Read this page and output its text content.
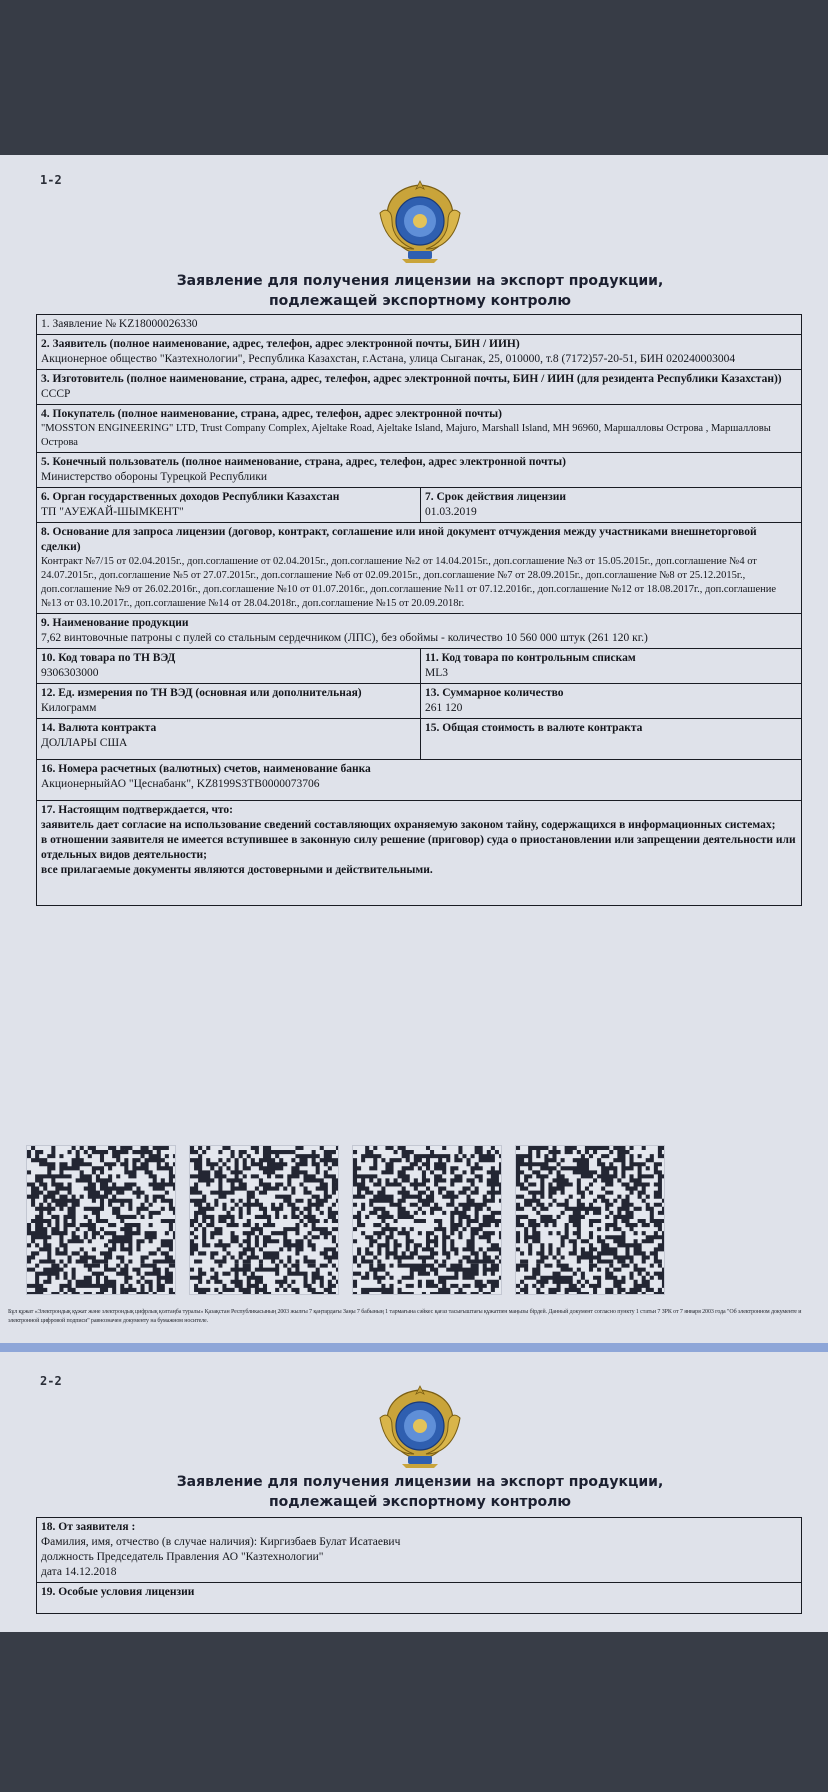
1-2
Заявление для получения лицензии на экспорт продукции,
подлежащей экспортному контролю
1. Заявление № KZ18000026330
2. Заявитель (полное наименование, адрес, телефон, адрес электронной почты, БИН / ИИН)
Акционерное общество "Казтехнологии", Республика Казахстан, г.Астана, улица Сыганак, 25, 010000, т.8 (7172)57-20-51, БИН 020240003004
3. Изготовитель (полное наименование, страна, адрес, телефон, адрес электронной почты, БИН / ИИН (для резидента Республики Казахстан))
СССР
4. Покупатель (полное наименование, страна, адрес, телефон, адрес электронной почты)
"MOSSTON ENGINEERING" LTD, Trust Company Complex, Ajeltake Road, Ajeltake Island, Majuro, Marshall Island, MH 96960, Маршалловы Острова , Маршалловы Острова
5. Конечный пользователь (полное наименование, страна, адрес, телефон, адрес электронной почты)
Министерство обороны Турецкой Республики
6. Орган государственных доходов Республики Казахстан
ТП "АУЕЖАЙ-ШЫМКЕНТ"
7. Срок действия лицензии
01.03.2019
8. Основание для запроса лицензии (договор, контракт, соглашение или иной документ отчуждения между участниками внешнеторговой сделки)
Контракт №7/15 от 02.04.2015г., доп.соглашение от 02.04.2015г., доп.соглашение №2 от 14.04.2015г., доп.соглашение №3 от 15.05.2015г., доп.соглашение №4 от 24.07.2015г., доп.соглашение №5 от 27.07.2015г., доп.соглашение №6 от 02.09.2015г., доп.соглашение №7 от 28.09.2015г., доп.соглашение №8 от 25.12.2015г., доп.соглашение №9 от 26.02.2016г., доп.соглашение №10 от 01.07.2016г., доп.соглашение №11 от 07.12.2016г., доп.соглашение №12 от 18.08.2017г., доп.соглашение №13 от 03.10.2017г., доп.соглашение №14 от 28.04.2018г., доп.соглашение №15 от 20.09.2018г.
9. Наименование продукции
7,62 винтовочные патроны с пулей со стальным сердечником (ЛПС), без обоймы - количество 10 560 000 штук (261 120 кг.)
10. Код товара по ТН ВЭД
9306303000
11. Код товара по контрольным спискам
ML3
12. Ед. измерения по ТН ВЭД (основная или дополнительная)
Килограмм
13. Суммарное количество
261 120
14. Валюта контракта
ДОЛЛАРЫ США
15. Общая стоимость в валюте контракта
16. Номера расчетных (валютных) счетов, наименование банка
АкционерныйАО "Цеснабанк", KZ8199S3TB0000073706
17. Настоящим подтверждается, что:
заявитель дает согласие на использование сведений составляющих охраняемую законом тайну, содержащихся в информационных системах;
в отношении заявителя не имеется вступившее в законную силу решение (приговор) суда о приостановлении или запрещении деятельности или отдельных видов деятельности;
все прилагаемые документы являются достоверными и действительными.
Бұл құжат «Электрондық құжат және электрондық цифрлық қолтаңба туралы» Қазақстан Республикасының 2003 жылғы 7 қаңтардағы Заңы 7 бабының 1 тармағына сәйкес қағаз тасығыштағы құжатпен маңызы бірдей. Данный документ согласно пункту 1 статьи 7 ЗРК от 7 января 2003 года "Об электронном документе и электронной цифровой подписи" равнозначен документу на бумажном носителе.
2-2
Заявление для получения лицензии на экспорт продукции,
подлежащей экспортному контролю
18. От заявителя :
Фамилия, имя, отчество (в случае наличия): Киргизбаев Булат Исатаевич
должность Председатель Правления АО "Казтехнологии"
дата 14.12.2018
19. Особые условия лицензии
